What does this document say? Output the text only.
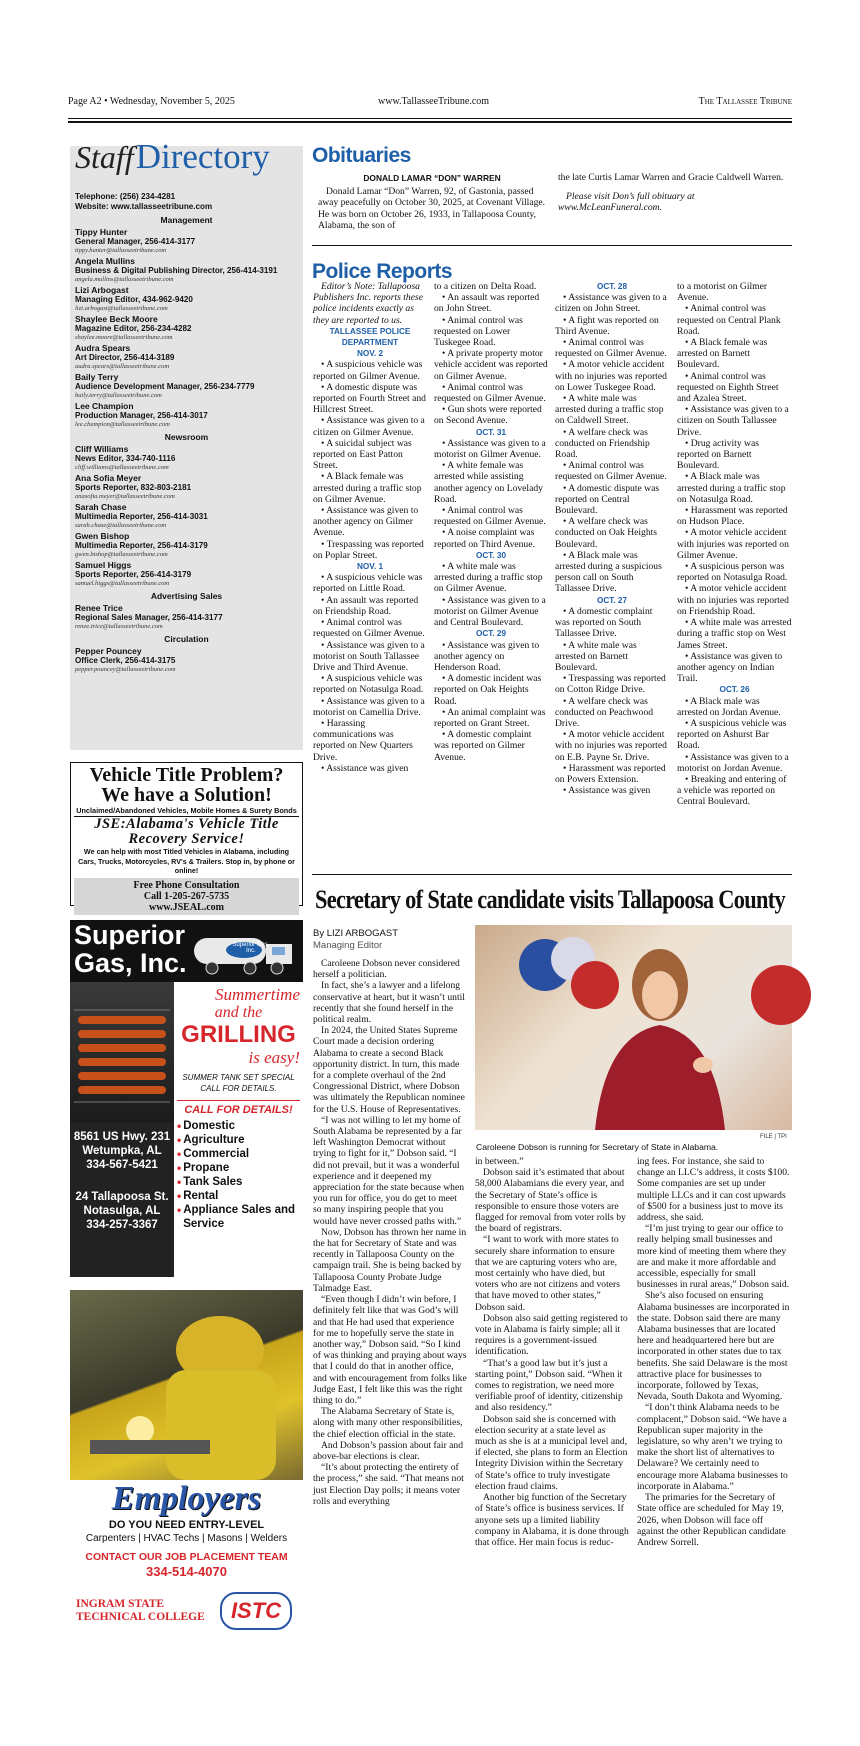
Page A2 • Wednesday, November 5, 2025	www.TallasseeTribune.com	The Tallassee Tribune
Staff Directory
Telephone: (256) 234-4281
Website: www.tallasseetribune.com
Management
Tippy Hunter
General Manager, 256-414-3177
tippy.hunter@tallasseetribune.com
Angela Mullins
Business & Digital Publishing Director, 256-414-3191
angela.mullins@tallasseetribune.com
Lizi Arbogast
Managing Editor, 434-962-9420
lizi.arbogast@tallasseetribune.com
Shaylee Beck Moore
Magazine Editor, 256-234-4282
shaylee.moore@tallasseetribune.com
Audra Spears
Art Director, 256-414-3189
audra.spears@tallasseetribune.com
Baily Terry
Audience Development Manager, 256-234-7779
baily.terry@tallasseetribune.com
Lee Champion
Production Manager, 256-414-3017
lee.champion@tallasseetribune.com
Newsroom
Cliff Williams
News Editor, 334-740-1116
cliff.williams@tallasseetribune.com
Ana Sofia Meyer
Sports Reporter, 832-803-2181
anasofia.meyer@tallasseetribune.com
Sarah Chase
Multimedia Reporter, 256-414-3031
sarah.chase@tallasseetribune.com
Gwen Bishop
Multimedia Reporter, 256-414-3179
gwen.bishop@tallasseetribune.com
Samuel Higgs
Sports Reporter, 256-414-3179
samuel.higgs@tallasseetribune.com
Advertising Sales
Renee Trice
Regional Sales Manager, 256-414-3177
renee.trice@tallasseetribune.com
Circulation
Pepper Pouncey
Office Clerk, 256-414-3175
pepper.pouncey@tallasseetribune.com
Vehicle Title Problem?
We have a Solution!
Unclaimed/Abandoned Vehicles, Mobile Homes & Surety Bonds
JSE:Alabama's Vehicle Title
Recovery Service!
We can help with most Titled Vehicles in Alabama, including Cars, Trucks, Motorcycles, RV's & Trailers. Stop in, by phone or online!
Free Phone Consultation
Call 1-205-267-5735
www.JSEAL.com
Superior
Gas, Inc.
Superior Gas, Inc.
Summertime
and the
GRILLING
is easy!
SUMMER TANK SET SPECIAL CALL FOR DETAILS.
CALL FOR DETAILS!
• Domestic
• Agriculture
• Commercial
• Propane
• Tank Sales
• Rental
• Appliance Sales and Service
8561 US Hwy. 231
Wetumpka, AL
334-567-5421
24 Tallapoosa St.
Notasulga, AL
334-257-3367
Employers
DO YOU NEED ENTRY-LEVEL
Carpenters | HVAC Techs | Masons | Welders
CONTACT OUR JOB PLACEMENT TEAM
334-514-4070
INGRAM STATE
TECHNICAL COLLEGE	ISTC
Obituaries
DONALD LAMAR “DON” WARREN

Donald Lamar “Don” Warren, 92, of Gastonia, passed away peacefully on October 30, 2025, at Covenant Village. He was born on October 26, 1933, in Tallapoosa County, Alabama, the son of

the late Curtis Lamar Warren and Gracie Caldwell Warren.

Please visit Don’s full obituary at www.McLeanFuneral.com.

Police Reports

Editor’s Note: Tallapoosa Publishers Inc. reports these police incidents exactly as they are reported to us.

TALLASSEE POLICE DEPARTMENT
NOV. 2

• A suspicious vehicle was reported on Gilmer Avenue.

• A domestic dispute was reported on Fourth Street and Hillcrest Street.

• Assistance was given to a citizen on Gilmer Avenue.

• A suicidal subject was reported on East Patton Street.

• A Black female was arrested during a traffic stop on Gilmer Avenue.

• Assistance was given to another agency on Gilmer Avenue.

• Trespassing was reported on Poplar Street.

NOV. 1

• A suspicious vehicle was reported on Little Road.

• An assault was reported on Friendship Road.

• Animal control was requested on Gilmer Avenue.

• Assistance was given to a motorist on South Tallassee Drive and Third Avenue.

• A suspicious vehicle was reported on Notasulga Road.

• Assistance was given to a motorist on Camellia Drive.

• Harassing communications was reported on New Quarters Drive.

• Assistance was given

to a citizen on Delta Road.

• An assault was reported on John Street.

• Animal control was requested on Lower Tuskegee Road.

• A private property motor vehicle accident was reported on Gilmer Avenue.

• Animal control was requested on Gilmer Avenue.

• Gun shots were reported on Second Avenue.

OCT. 31

• Assistance was given to a motorist on Gilmer Avenue.

• A white female was arrested while assisting another agency on Lovelady Road.

• Animal control was requested on Gilmer Avenue.

• A noise complaint was reported on Third Avenue.

OCT. 30

• A white male was arrested during a traffic stop on Gilmer Avenue.

• Assistance was given to a motorist on Gilmer Avenue and Central Boulevard.

OCT. 29

• Assistance was given to another agency on Henderson Road.

• A domestic incident was reported on Oak Heights Road.

• An animal complaint was reported on Grant Street.

• A domestic complaint was reported on Gilmer Avenue.

OCT. 28

• Assistance was given to a citizen on John Street.

• A fight was reported on Third Avenue.

• Animal control was requested on Gilmer Avenue.

• A motor vehicle accident with no injuries was reported on Lower Tuskegee Road.

• A white male was arrested during a traffic stop on Caldwell Street.

• A welfare check was conducted on Friendship Road.

• Animal control was requested on Gilmer Avenue.

• A domestic dispute was reported on Central Boulevard.

• A welfare check was conducted on Oak Heights Boulevard.

• A Black male was arrested during a suspicious person call on South Tallassee Drive.

OCT. 27

• A domestic complaint was reported on South Tallassee Drive.

• A white male was arrested on Barnett Boulevard.

• Trespassing was reported on Cotton Ridge Drive.

• A welfare check was conducted on Peachwood Drive.

• A motor vehicle accident with no injuries was reported on E.B. Payne Sr. Drive.

• Harassment was reported on Powers Extension.

• Assistance was given

to a motorist on Gilmer Avenue.

• Animal control was requested on Central Plank Road.

• A Black female was arrested on Barnett Boulevard.

• Animal control was requested on Eighth Street and Azalea Street.

• Assistance was given to a citizen on South Tallassee Drive.

• Drug activity was reported on Barnett Boulevard.

• A Black male was arrested during a traffic stop on Notasulga Road.

• Harassment was reported on Hudson Place.

• A motor vehicle accident with injuries was reported on Gilmer Avenue.

• A suspicious person was reported on Notasulga Road.

• A motor vehicle accident with no injuries was reported on Friendship Road.

• A white male was arrested during a traffic stop on West James Street.

• Assistance was given to another agency on Indian Trail.

OCT. 26

• A Black male was arrested on Jordan Avenue.

• A suspicious vehicle was reported on Ashurst Bar Road.

• Assistance was given to a motorist on Jordan Avenue.

• Breaking and entering of a vehicle was reported on Central Boulevard.

Secretary of State candidate visits Tallapoosa County
By LIZI ARBOGAST
Managing Editor
FILE | TPI
Caroleene Dobson is running for Secretary of State in Alabama.

Caroleene Dobson never considered herself a politician.

In fact, she’s a lawyer and a lifelong conservative at heart, but it wasn’t until recently that she found herself in the political realm.

In 2024, the United States Supreme Court made a decision ordering Alabama to create a second Black opportunity district. In turn, this made for a complete overhaul of the 2nd Congressional District, where Dobson was ultimately the Republican nominee for the U.S. House of Representatives.

“I was not willing to let my home of South Alabama be represented by a far left Washington Democrat without trying to fight for it,” Dobson said. “I did not prevail, but it was a wonderful experience and it deepened my appreciation for the state because when you run for office, you do get to meet so many inspiring people that you would have never crossed paths with.”

Now, Dobson has thrown her name in the hat for Secretary of State and was recently in Tallapoosa County on the campaign trail. She is being backed by Tallapoosa County Probate Judge Talmadge East.

“Even though I didn’t win before, I definitely felt like that was God’s will and that He had used that experience for me to hopefully serve the state in another way,” Dobson said. “So I kind of was thinking and praying about ways that I could do that in another office, and with encouragement from folks like Judge East, I felt like this was the right thing to do.”

The Alabama Secretary of State is, along with many other responsibilities, the chief election official in the state.

And Dobson’s passion about fair and above-bar elections is clear.

“It’s about protecting the entirety of the process,” she said. “That means not just Election Day polls; it means voter rolls and everything

in between.”

Dobson said it’s estimated that about 58,000 Alabamians die every year, and the Secretary of State’s office is responsible to ensure those voters are flagged for removal from voter rolls by the board of registrars.

“I want to work with more states to securely share information to ensure that we are capturing voters who are, most certainly who have died, but voters who are not citizens and voters that have moved to other states,” Dobson said.

Dobson also said getting registered to vote in Alabama is fairly simple; all it requires is a government-issued identification.

“That’s a good law but it’s just a starting point,” Dobson said. “When it comes to registration, we need more verifiable proof of identity, citizenship and also residency.”

Dobson said she is concerned with election security at a state level as much as she is at a municipal level and, if elected, she plans to form an Election Integrity Division within the Secretary of State’s office to truly investigate election fraud claims.

Another big function of the Secretary of State’s office is business services. If anyone sets up a limited liability company in Alabama, it is done through that office. Her main focus is reduc-

ing fees. For instance, she said to change an LLC’s address, it costs $100. Some companies are set up under multiple LLCs and it can cost upwards of $500 for a business just to move its address, she said.

“I’m just trying to gear our office to really helping small businesses and more kind of meeting them where they are and make it more affordable and accessible, especially for small businesses in rural areas,” Dobson said.

She’s also focused on ensuring Alabama businesses are incorporated in the state. Dobson said there are many Alabama businesses that are located here and headquartered here but are incorporated in other states due to tax benefits. She said Delaware is the most attractive place for businesses to incorporate, followed by Texas, Nevada, South Dakota and Wyoming.

“I don’t think Alabama needs to be complacent,” Dobson said. “We have a Republican super majority in the legislature, so why aren’t we trying to make the short list of alternatives to Delaware? We certainly need to encourage more Alabama businesses to incorporate in Alabama.”

The primaries for the Secretary of State office are scheduled for May 19, 2026, when Dobson will face off against the other Republican candidate Andrew Sorrell.
